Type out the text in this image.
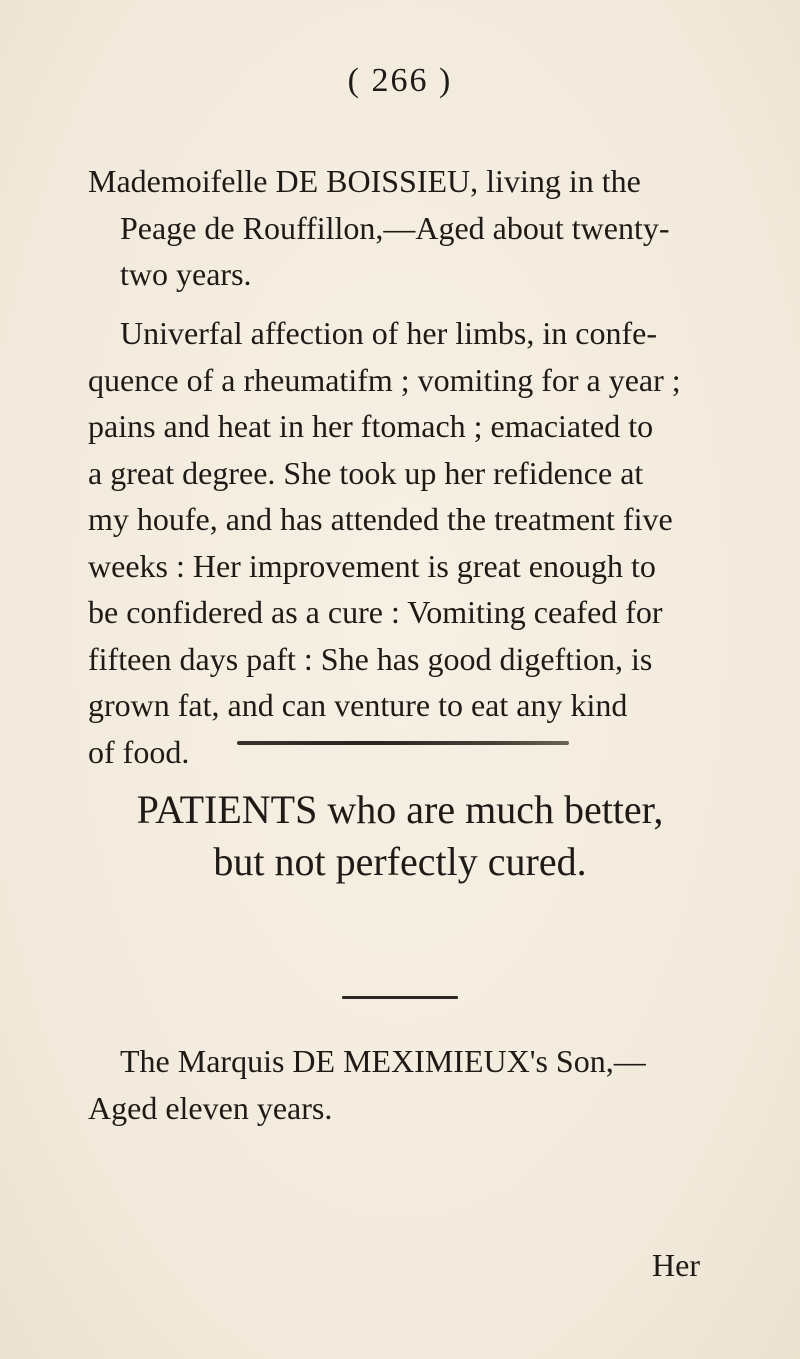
( 266 )

Mademoifelle DE BOISSIEU, living in the
Peage de Rouffillon,—Aged about twenty-
two years.

Univerfal affection of her limbs, in confe-
quence of a rheumatifm ; vomiting for a year ;
pains and heat in her ftomach ; emaciated to
a great degree. She took up her refidence at
my houfe, and has attended the treatment five
weeks : Her improvement is great enough to
be confidered as a cure : Vomiting ceafed for
fifteen days paft : She has good digeftion, is
grown fat, and can venture to eat any kind
of food.

PATIENTS who are much better,
but not perfectly cured.

The Marquis DE MEXIMIEUX's Son,—
Aged eleven years.

Her
